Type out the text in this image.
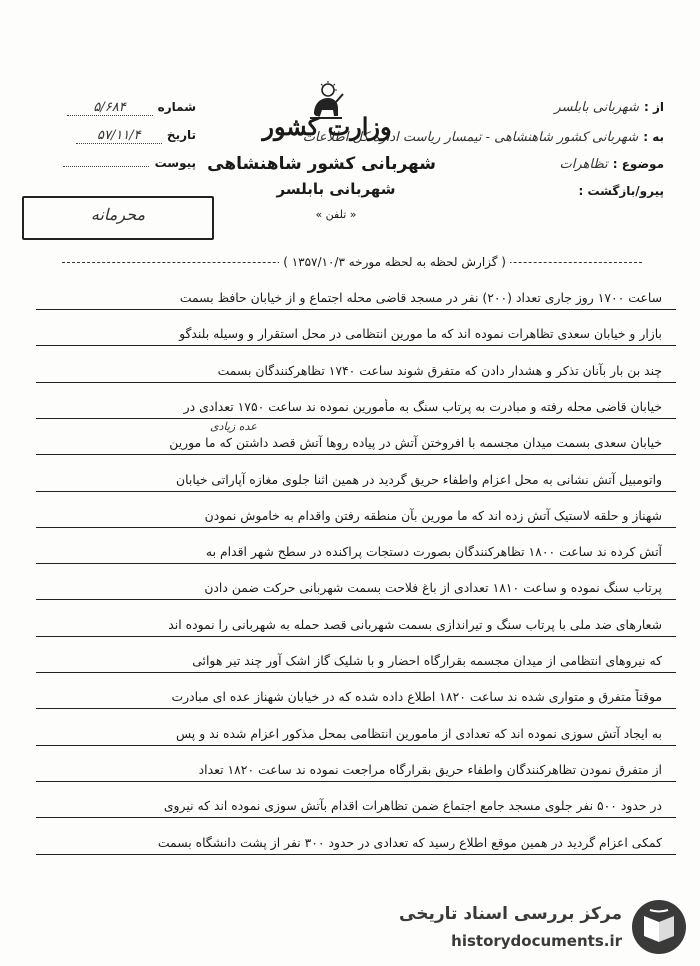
از : شهربانی بابلسر
به : شهربانی کشور شاهنشاهی - تیمسار ریاست اداره کل اطلاعات
موضوع : تظاهرات
پیرو/بازگشت :
شماره ۵/۶۸۴
تاریخ ۵۷/۱۱/۴
پیوست
محرمانه
وزارت کشور
شهربانی کشور شاهنشاهی
شهربانی بابلسر
« تلفن »
( گزارش لحظه به لحظه مورخه ۱۳۵۷/۱۰/۳ )
عده زیادی
ساعت ۱۷۰۰ روز جاری تعداد (۲۰۰) نفر در مسجد قاضی محله اجتماع و از خیابان حافظ بسمت
بازار و خیابان سعدی تظاهرات نموده اند که ما مورین انتظامی در محل استقرار و وسیله بلندگو
چند بن بار بآنان تذکر و هشدار دادن که متفرق شوند ساعت ۱۷۴۰ تظاهرکنندگان بسمت
خیابان قاضی محله رفته و مبادرت به پرتاب سنگ به مأمورین نموده ند ساعت ۱۷۵۰ تعدادی در
خیابان سعدی بسمت میدان مجسمه با افروختن آتش در پیاده روها آتش قصد داشتن که ما مورین
واتومبیل آتش نشانی به محل اعزام واطفاء حریق گردید در همین اثنا جلوی مغازه آپاراتی خیابان
شهناز و حلقه لاستیک آتش زده اند که ما مورین بآن منطقه رفتن واقدام به خاموش نمودن
آتش کرده ند ساعت ۱۸۰۰ تظاهرکنندگان بصورت دستجات پراکنده در سطح شهر اقدام به
پرتاب سنگ نموده و ساعت ۱۸۱۰ تعدادی از باغ فلاحت بسمت شهربانی حرکت ضمن دادن
شعارهای ضد ملی با پرتاب سنگ و تیراندازی بسمت شهربانی قصد حمله به شهربانی را نموده اند
که نیروهای انتظامی از میدان مجسمه بقرارگاه احضار و با شلیک گاز اشک آور چند تیر هوائی
موقتاً متفرق و متواری شده ند ساعت ۱۸۲۰ اطلاع داده شده که در خیابان شهناز عده ای مبادرت
به ایجاد آتش سوزی نموده اند که تعدادی از مامورین انتظامی بمحل مذکور اعزام شده ند و پس
از متفرق نمودن تظاهرکنندگان واطفاء حریق بقرارگاه مراجعت نموده ند ساعت ۱۸۲۰ تعداد
در حدود ۵۰۰ نفر جلوی مسجد جامع اجتماع ضمن تظاهرات اقدام بآتش سوزی نموده اند که نیروی
کمکی اعزام گردید در همین موقع اطلاع رسید که تعدادی در حدود ۳۰۰ نفر از پشت دانشگاه بسمت
مرکز بررسی اسناد تاریخی
historydocuments.ir
